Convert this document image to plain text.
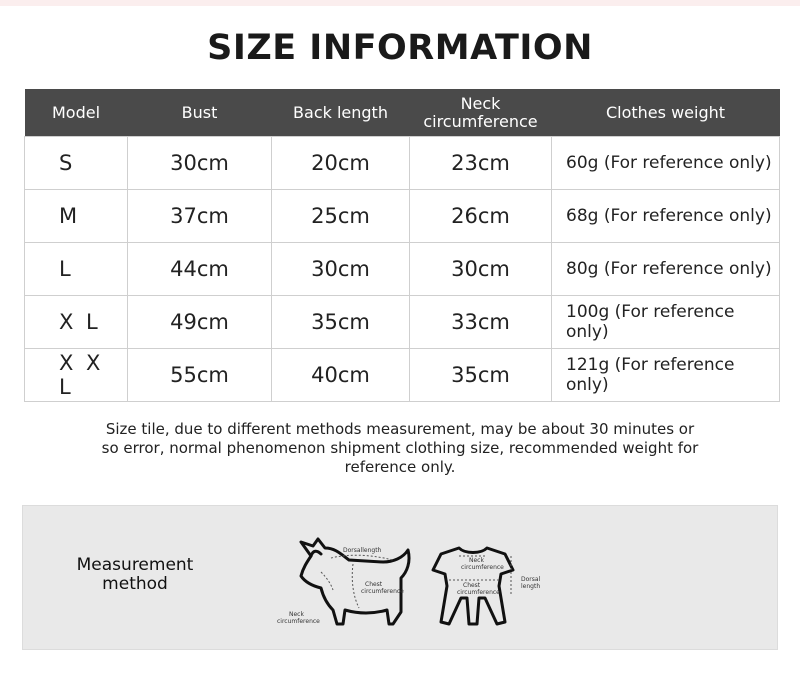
SIZE INFORMATION
Model	Bust	Back length	Neck circumference	Clothes weight
S	30cm	20cm	23cm	60g (For reference only)
M	37cm	25cm	26cm	68g (For reference only)
L	44cm	30cm	30cm	80g (For reference only)
X L	49cm	35cm	33cm	100g (For reference only)
X X L	55cm	40cm	35cm	121g (For reference only)
Size tile, due to different methods measurement, may be about 30 minutes or so error, normal phenomenon shipment clothing size, recommended weight for reference only.
Measurement method
Dorsallength
Chest
circumference
Neck
circumference
Neck
circumference
Chest
circumference
Dorsal
length
